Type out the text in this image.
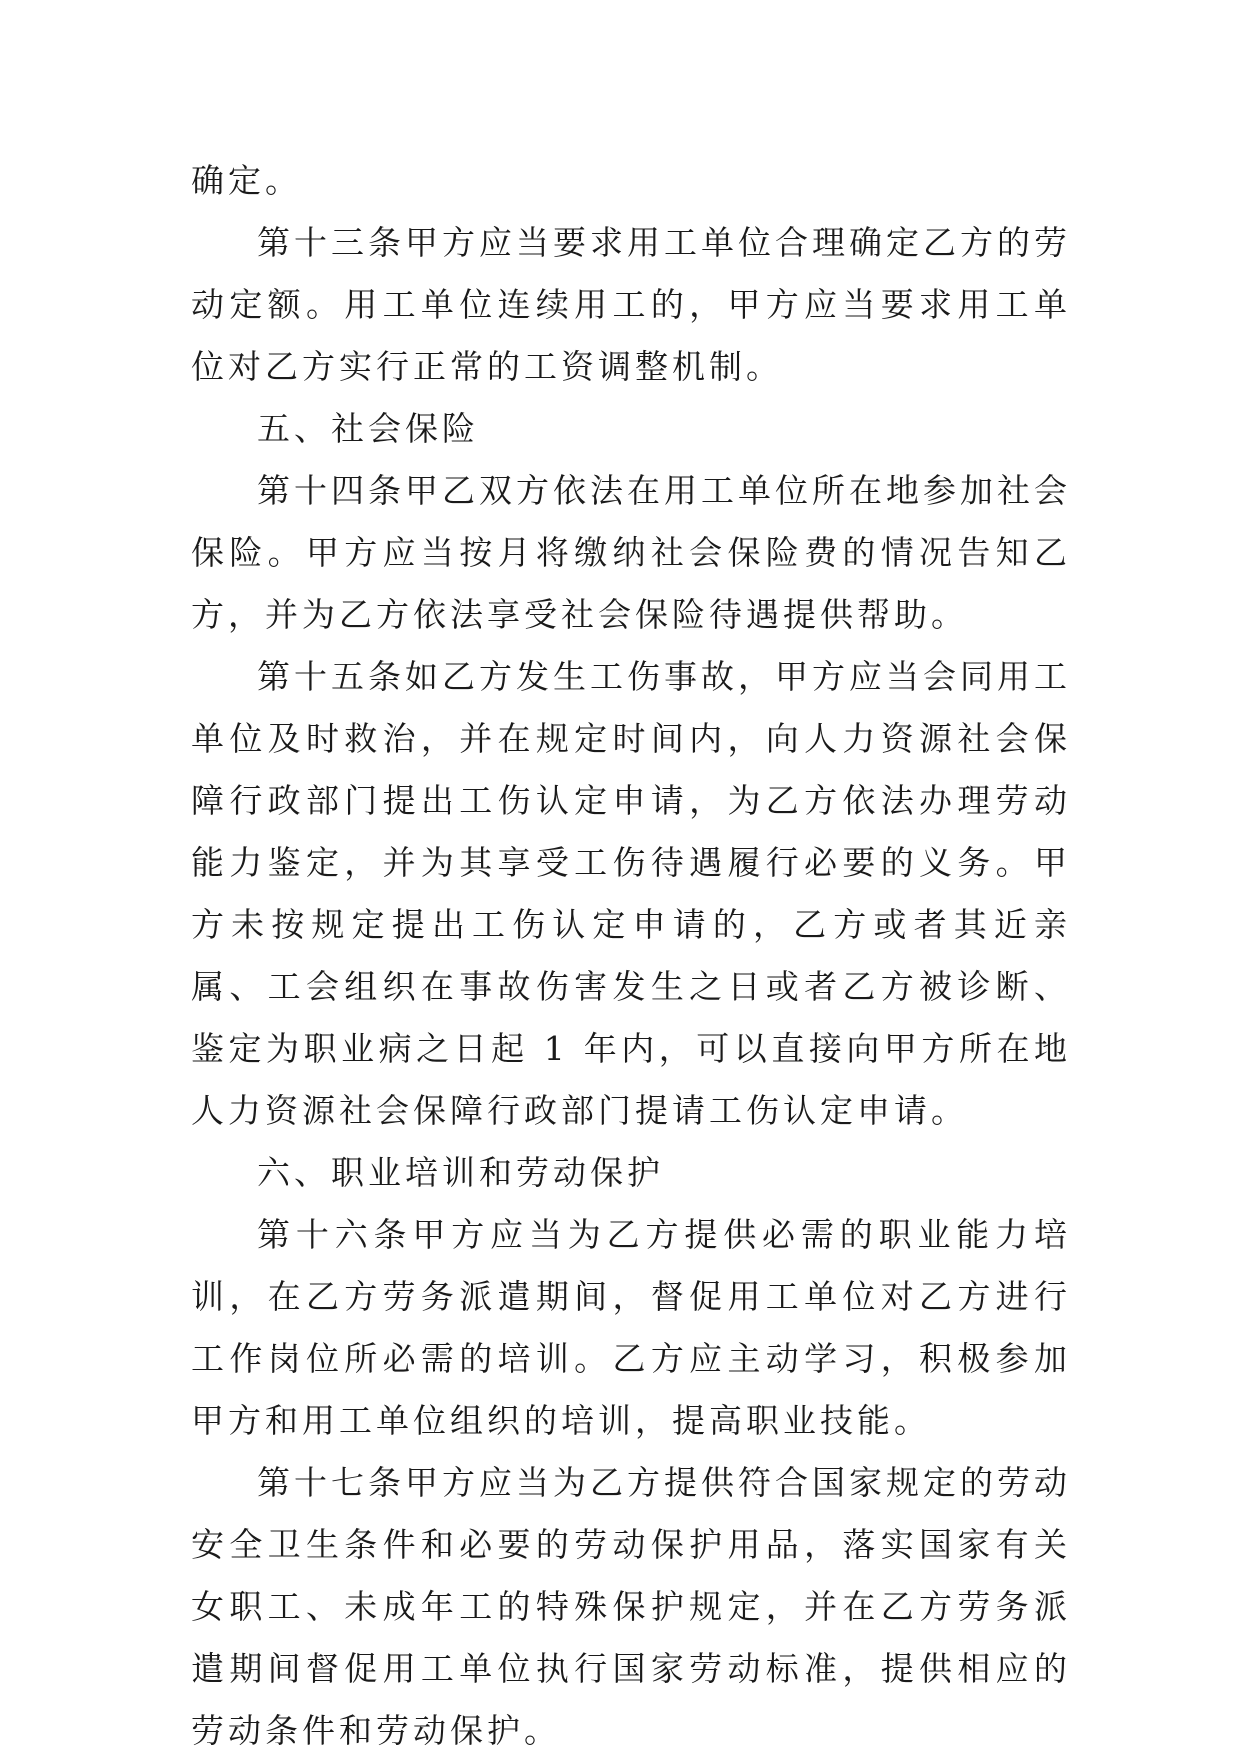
确定。

第十三条甲方应当要求用工单位合理确定乙方的劳动定额。用工单位连续用工的，甲方应当要求用工单位对乙方实行正常的工资调整机制。

五、社会保险

第十四条甲乙双方依法在用工单位所在地参加社会保险。甲方应当按月将缴纳社会保险费的情况告知乙方，并为乙方依法享受社会保险待遇提供帮助。

第十五条如乙方发生工伤事故，甲方应当会同用工单位及时救治，并在规定时间内，向人力资源社会保障行政部门提出工伤认定申请，为乙方依法办理劳动能力鉴定，并为其享受工伤待遇履行必要的义务。甲方未按规定提出工伤认定申请的，乙方或者其近亲属、工会组织在事故伤害发生之日或者乙方被诊断、鉴定为职业病之日起 1 年内，可以直接向甲方所在地人力资源社会保障行政部门提请工伤认定申请。

六、职业培训和劳动保护

第十六条甲方应当为乙方提供必需的职业能力培训，在乙方劳务派遣期间，督促用工单位对乙方进行工作岗位所必需的培训。乙方应主动学习，积极参加甲方和用工单位组织的培训，提高职业技能。

第十七条甲方应当为乙方提供符合国家规定的劳动安全卫生条件和必要的劳动保护用品，落实国家有关女职工、未成年工的特殊保护规定，并在乙方劳务派遣期间督促用工单位执行国家劳动标准，提供相应的劳动条件和劳动保护。
